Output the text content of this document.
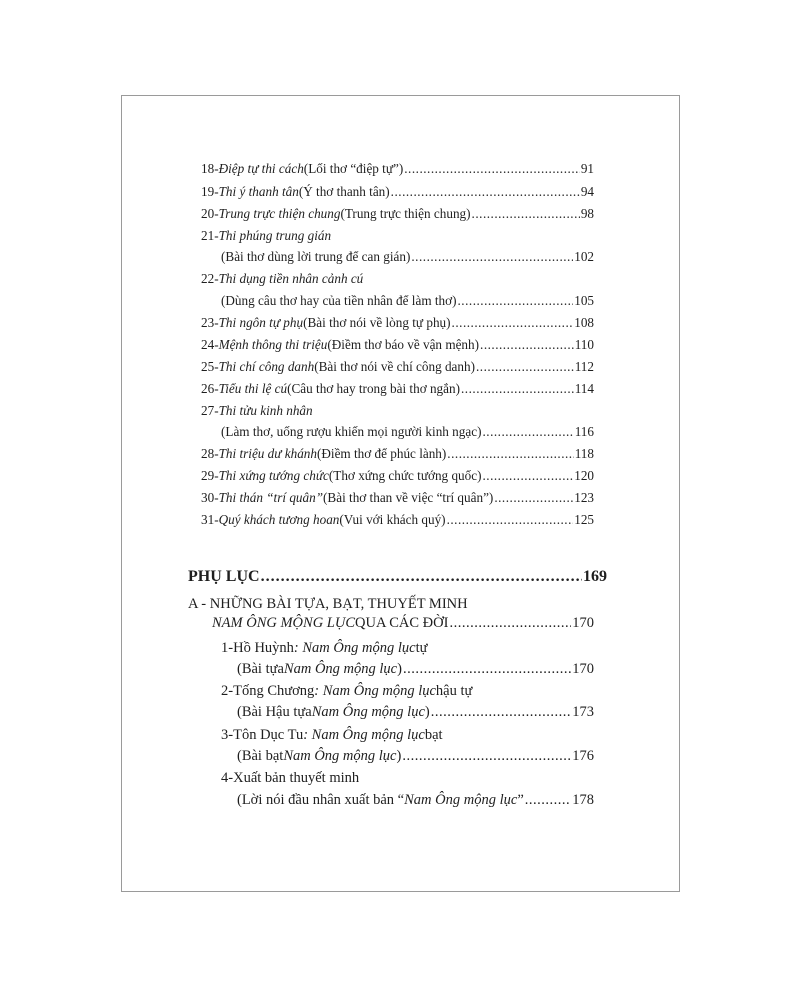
18- Điệp tự thi cách (Lối thơ “điệp tự”) .....	91
19- Thi ý thanh tân (Ý thơ thanh tân) .....	94
20- Trung trực thiện chung (Trung trực thiện chung) .....	98
21- Thi phúng trung gián
(Bài thơ dùng lời trung để can gián) .....	102
22- Thi dụng tiền nhân cảnh cú
(Dùng câu thơ hay của tiền nhân để làm thơ) .....	105
23- Thi ngôn tự phụ (Bài thơ nói về lòng tự phụ) .....	108
24- Mệnh thông thi triệu (Điềm thơ báo về vận mệnh) .....	110
25- Thi chí công danh (Bài thơ nói về chí công danh) .....	112
26- Tiểu thi lệ cú (Câu thơ hay trong bài thơ ngắn) .....	114
27- Thi tửu kinh nhân
(Làm thơ, uống rượu khiến mọi người kinh ngạc) .....	116
28- Thi triệu dư khánh (Điềm thơ để phúc lành) .....	118
29- Thi xứng tướng chức (Thơ xứng chức tướng quốc) .....	120
30- Thi thán “trí quân” (Bài thơ than về việc “trí quân”) .....	123
31- Quý khách tương hoan (Vui với khách quý) .....	125
PHỤ LỤC .....	169
A - NHỮNG BÀI TỰA, BẠT, THUYẾT MINH
NAM ÔNG MỘNG LỤC QUA CÁC ĐỜI .....	170
1- Hồ Huỳnh : Nam Ông mộng lục tự
(Bài tựa Nam Ông mộng lục ) .....	170
2- Tống Chương : Nam Ông mộng lục hậu tự
(Bài Hậu tựa Nam Ông mộng lục ) .....	173
3- Tôn Dục Tu : Nam Ông mộng lục bạt
(Bài bạt Nam Ông mộng lục ) .....	176
4- Xuất bản thuyết minh
(Lời nói đầu nhân xuất bản “ Nam Ông mộng lục ” .....	178
